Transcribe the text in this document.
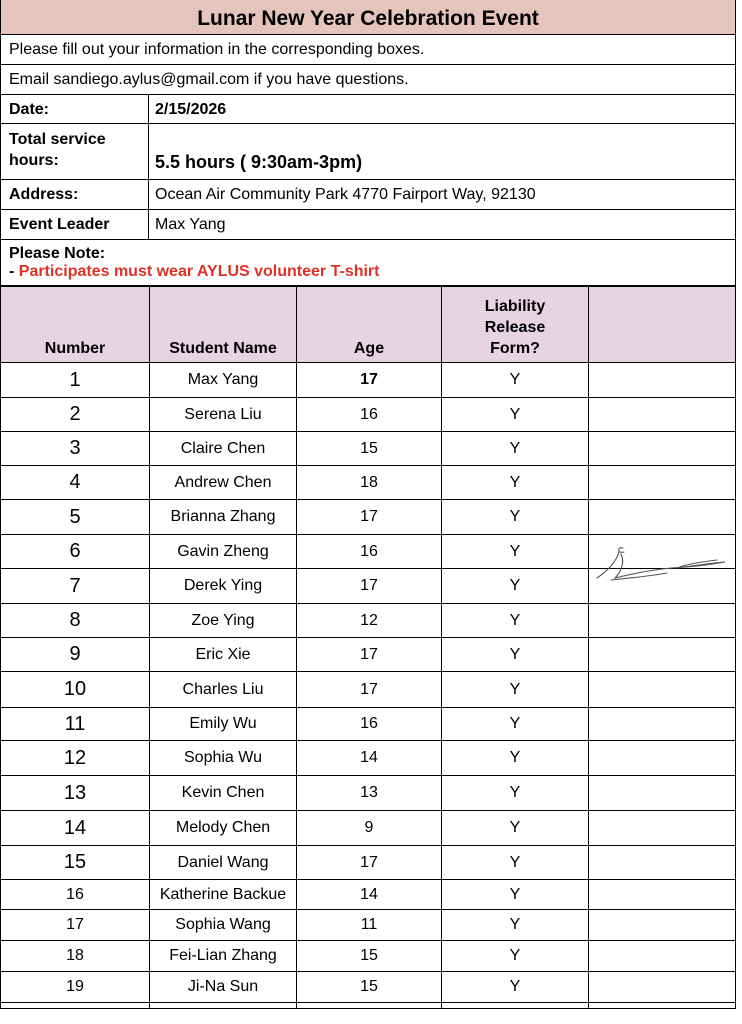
Lunar New Year Celebration Event
Please fill out your information in the corresponding boxes.
Email sandiego.aylus@gmail.com if you have questions.
Date:	2/15/2026
Total service hours:	5.5 hours ( 9:30am-3pm)
Address:	Ocean Air Community Park 4770 Fairport Way, 92130
Event Leader	Max Yang
Please Note:
- Participates must wear AYLUS volunteer T-shirt
Number	Student Name	Age	Liability Release Form?	
1	Max Yang	17	Y	
2	Serena Liu	16	Y	
3	Claire Chen	15	Y	
4	Andrew Chen	18	Y	
5	Brianna Zhang	17	Y	
6	Gavin Zheng	16	Y	
7	Derek Ying	17	Y	
8	Zoe Ying	12	Y	
9	Eric Xie	17	Y	
10	Charles Liu	17	Y	
11	Emily Wu	16	Y	
12	Sophia Wu	14	Y	
13	Kevin Chen	13	Y	
14	Melody Chen	9	Y	
15	Daniel Wang	17	Y	
16	Katherine Backue	14	Y	
17	Sophia Wang	11	Y	
18	Fei-Lian Zhang	15	Y	
19	Ji-Na Sun	15	Y	
